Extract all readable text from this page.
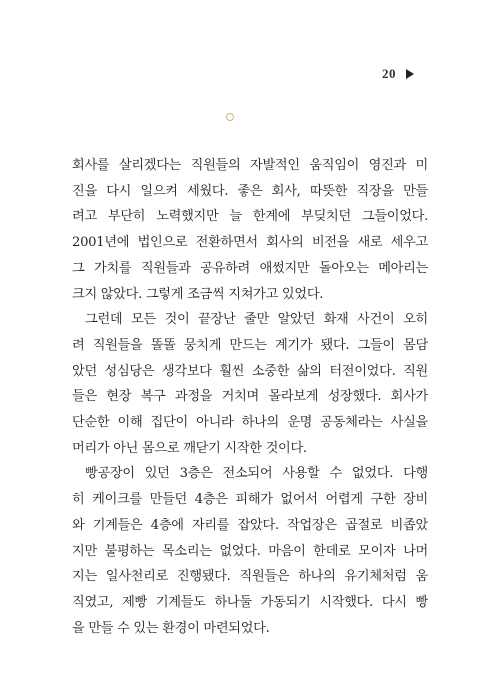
20
회사를 살리겠다는 직원들의 자발적인 움직임이 영진과 미
진을 다시 일으켜 세웠다. 좋은 회사, 따뜻한 직장을 만들
려고 부단히 노력했지만 늘 한계에 부딪치던 그들이었다.
2001년에 법인으로 전환하면서 회사의 비전을 새로 세우고
그 가치를 직원들과 공유하려 애썼지만 돌아오는 메아리는
크지 않았다. 그렇게 조금씩 지쳐가고 있었다.
그런데 모든 것이 끝장난 줄만 알았던 화재 사건이 오히
려 직원들을 똘똘 뭉치게 만드는 계기가 됐다. 그들이 몸담
았던 성심당은 생각보다 훨씬 소중한 삶의 터전이었다. 직원
들은 현장 복구 과정을 거치며 몰라보게 성장했다. 회사가
단순한 이해 집단이 아니라 하나의 운명 공동체라는 사실을
머리가 아닌 몸으로 깨닫기 시작한 것이다.
빵공장이 있던 3층은 전소되어 사용할 수 없었다. 다행
히 케이크를 만들던 4층은 피해가 없어서 어렵게 구한 장비
와 기계들은 4층에 자리를 잡았다. 작업장은 곱절로 비좁았
지만 불평하는 목소리는 없었다. 마음이 한데로 모이자 나머
지는 일사천리로 진행됐다. 직원들은 하나의 유기체처럼 움
직였고, 제빵 기계들도 하나둘 가동되기 시작했다. 다시 빵
을 만들 수 있는 환경이 마련되었다.
